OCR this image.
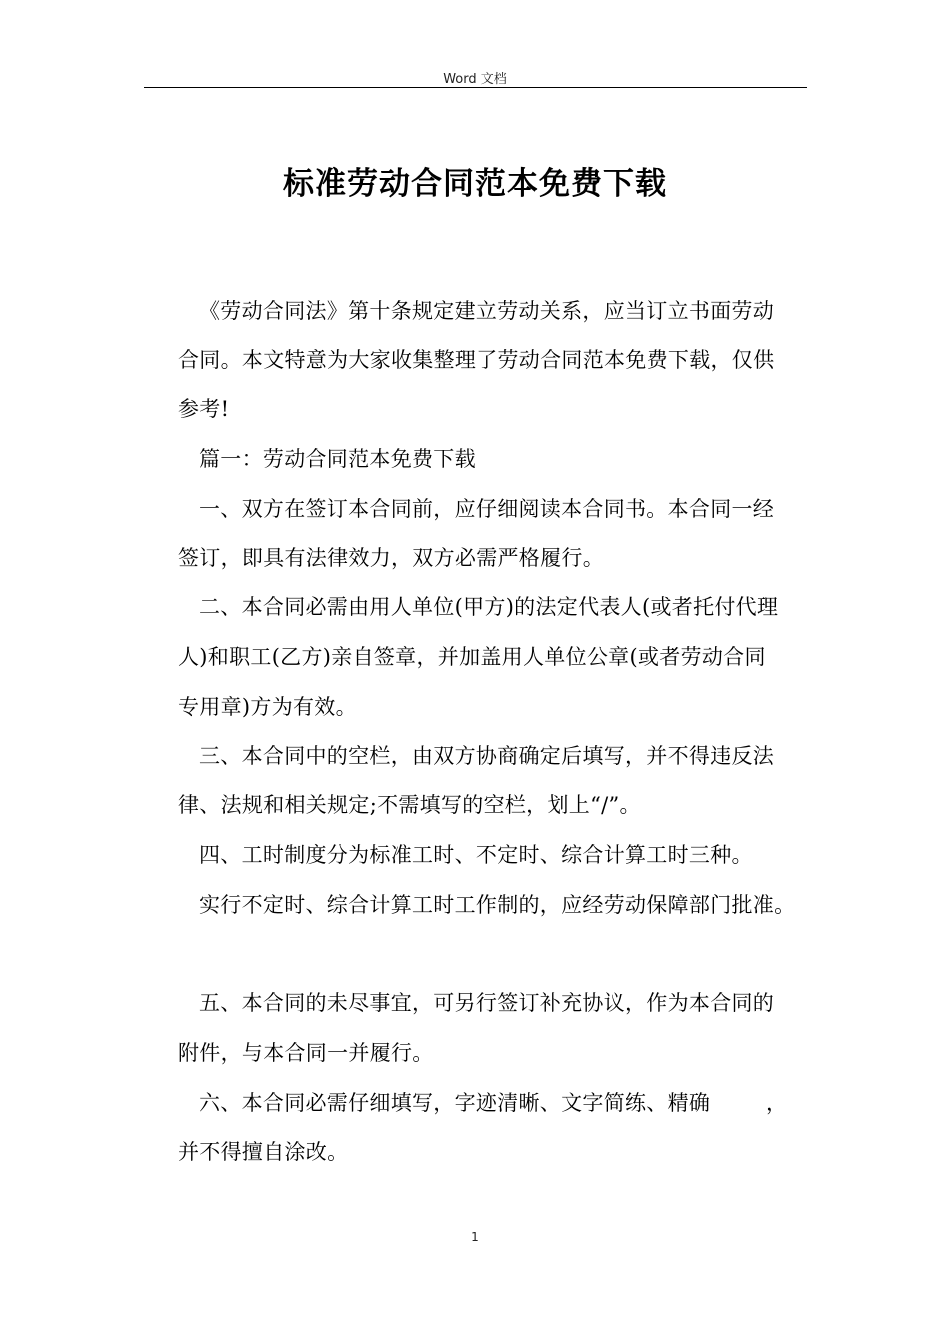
Word 文档
标准劳动合同范本免费下载
《劳动合同法》第十条规定建立劳动关系，应当订立书面劳动
合同。本文特意为大家收集整理了劳动合同范本免费下载，仅供
参考!
篇一：劳动合同范本免费下载
一、双方在签订本合同前，应仔细阅读本合同书。本合同一经
签订，即具有法律效力，双方必需严格履行。
二、本合同必需由用人单位(甲方)的法定代表人(或者托付代理
人)和职工(乙方)亲自签章，并加盖用人单位公章(或者劳动合同
专用章)方为有效。
三、本合同中的空栏，由双方协商确定后填写，并不得违反法
律、法规和相关规定;不需填写的空栏，划上“/”。
四、工时制度分为标准工时、不定时、综合计算工时三种。
实行不定时、综合计算工时工作制的，应经劳动保障部门批准。
五、本合同的未尽事宜，可另行签订补充协议，作为本合同的
附件，与本合同一并履行。
六、本合同必需仔细填写，字迹清晰、文字简练、精确        ，
并不得擅自涂改。
1
